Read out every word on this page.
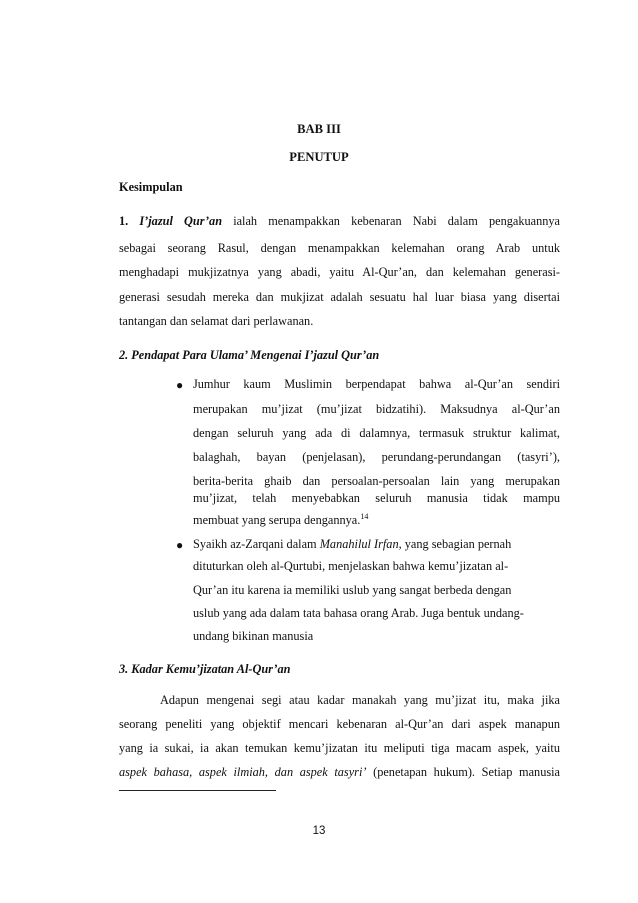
BAB III
PENUTUP
Kesimpulan
1. I’jazul Qur’an ialah menampakkan kebenaran Nabi dalam pengakuannya
sebagai seorang Rasul, dengan menampakkan kelemahan orang Arab untuk
menghadapi mukjizatnya yang abadi, yaitu Al-Qur’an, dan kelemahan generasi-
generasi sesudah mereka dan mukjizat adalah sesuatu hal luar biasa yang disertai
tantangan dan selamat dari perlawanan.
2. Pendapat Para Ulama’ Mengenai I’jazul Qur’an
● Jumhur kaum Muslimin berpendapat bahwa al-Qur’an sendiri
merupakan mu’jizat (mu’jizat bidzatihi). Maksudnya al-Qur’an
dengan seluruh yang ada di dalamnya, termasuk struktur kalimat,
balaghah, bayan (penjelasan), perundang-perundangan (tasyri’),
berita-berita ghaib dan persoalan-persoalan lain yang merupakan
mu’jizat, telah menyebabkan seluruh manusia tidak mampu
membuat yang serupa dengannya.$^{14}$
● Syaikh az-Zarqani dalam Manahilul Irfan, yang sebagian pernah
dituturkan oleh al-Qurtubi, menjelaskan bahwa kemu’jizatan al-
Qur’an itu karena ia memiliki uslub yang sangat berbeda dengan
uslub yang ada dalam tata bahasa orang Arab. Juga bentuk undang-
undang bikinan manusia
3. Kadar Kemu’jizatan Al-Qur’an
Adapun mengenai segi atau kadar manakah yang mu’jizat itu, maka jika
seorang peneliti yang objektif mencari kebenaran al-Qur’an dari aspek manapun
yang ia sukai, ia akan temukan kemu’jizatan itu meliputi tiga macam aspek, yaitu
aspek bahasa, aspek ilmiah, dan aspek tasyri’ (penetapan hukum). Setiap manusia
13
